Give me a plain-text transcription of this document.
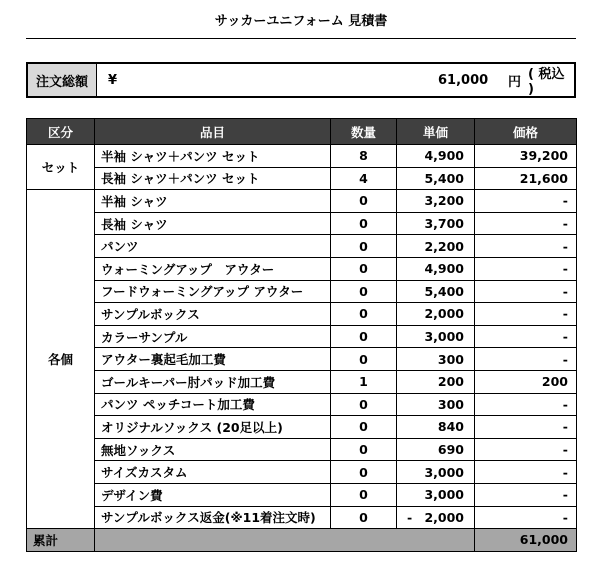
サッカーユニフォーム 見積書
注文総額	¥	61,000 円 ( 税込 )
区分	品目	数量	単価	価格
セット	半袖 シャツ＋パンツ セット	8	4,900	39,200
	長袖 シャツ＋パンツ セット	4	5,400	21,600
各個	半袖 シャツ	0	3,200	-
	長袖 シャツ	0	3,700	-
	パンツ	0	2,200	-
	ウォーミングアップ　アウター	0	4,900	-
	フードウォーミングアップ アウター	0	5,400	-
	サンプルボックス	0	2,000	-
	カラーサンプル	0	3,000	-
	アウター裏起毛加工費	0	300	-
	ゴールキーパー肘パッド加工費	1	200	200
	パンツ ペッチコート加工費	0	300	-
	オリジナルソックス (20足以上)	0	840	-
	無地ソックス	0	690	-
	サイズカスタム	0	3,000	-
	デザイン費	0	3,000	-
	サンプルボックス返金(※11着注文時)	0	- 2,000	-
累計				61,000
